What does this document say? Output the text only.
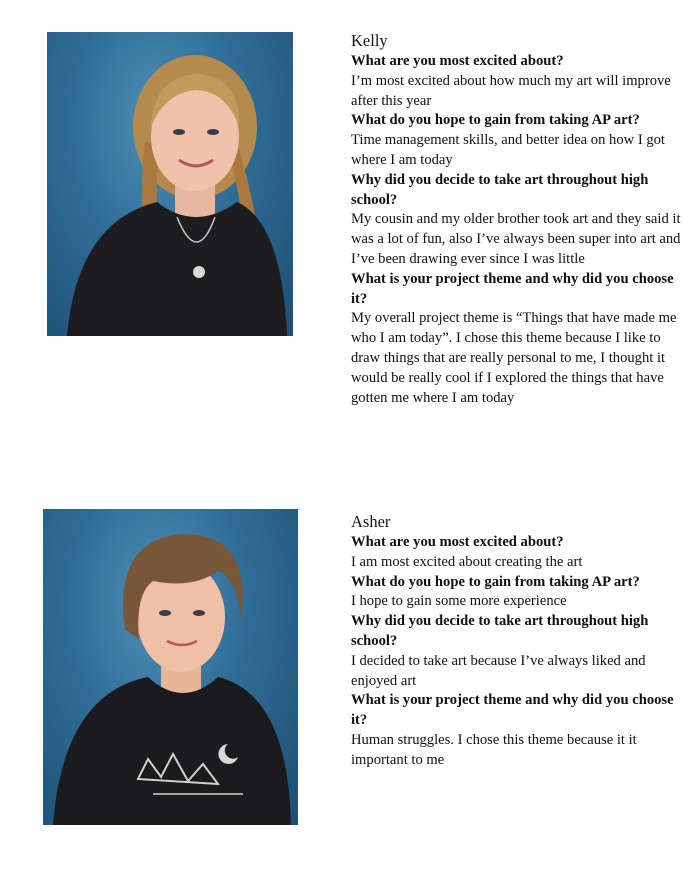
Kelly
What are you most excited about?
I’m most excited about how much my art will improve after this year
What do you hope to gain from taking AP art?
Time management skills, and better idea on how I got where I am today
Why did you decide to take art throughout high school?
My cousin and my older brother took art and they said it was a lot of fun, also I’ve always been super into art and I’ve been drawing ever since I was little
What is your project theme and why did you choose it?
My overall project theme is “Things that have made me who I am today”. I chose this theme because I like to draw things that are really personal to me, I thought it would be really cool if I explored the things that have gotten me where I am today
Asher
What are you most excited about?
I am most excited about creating the art
What do you hope to gain from taking AP art?
I hope to gain some more experience
Why did you decide to take art throughout high school?
I decided to take art because I’ve always liked and enjoyed art
What is your project theme and why did you choose it?
Human struggles. I chose this theme because it it important to me
